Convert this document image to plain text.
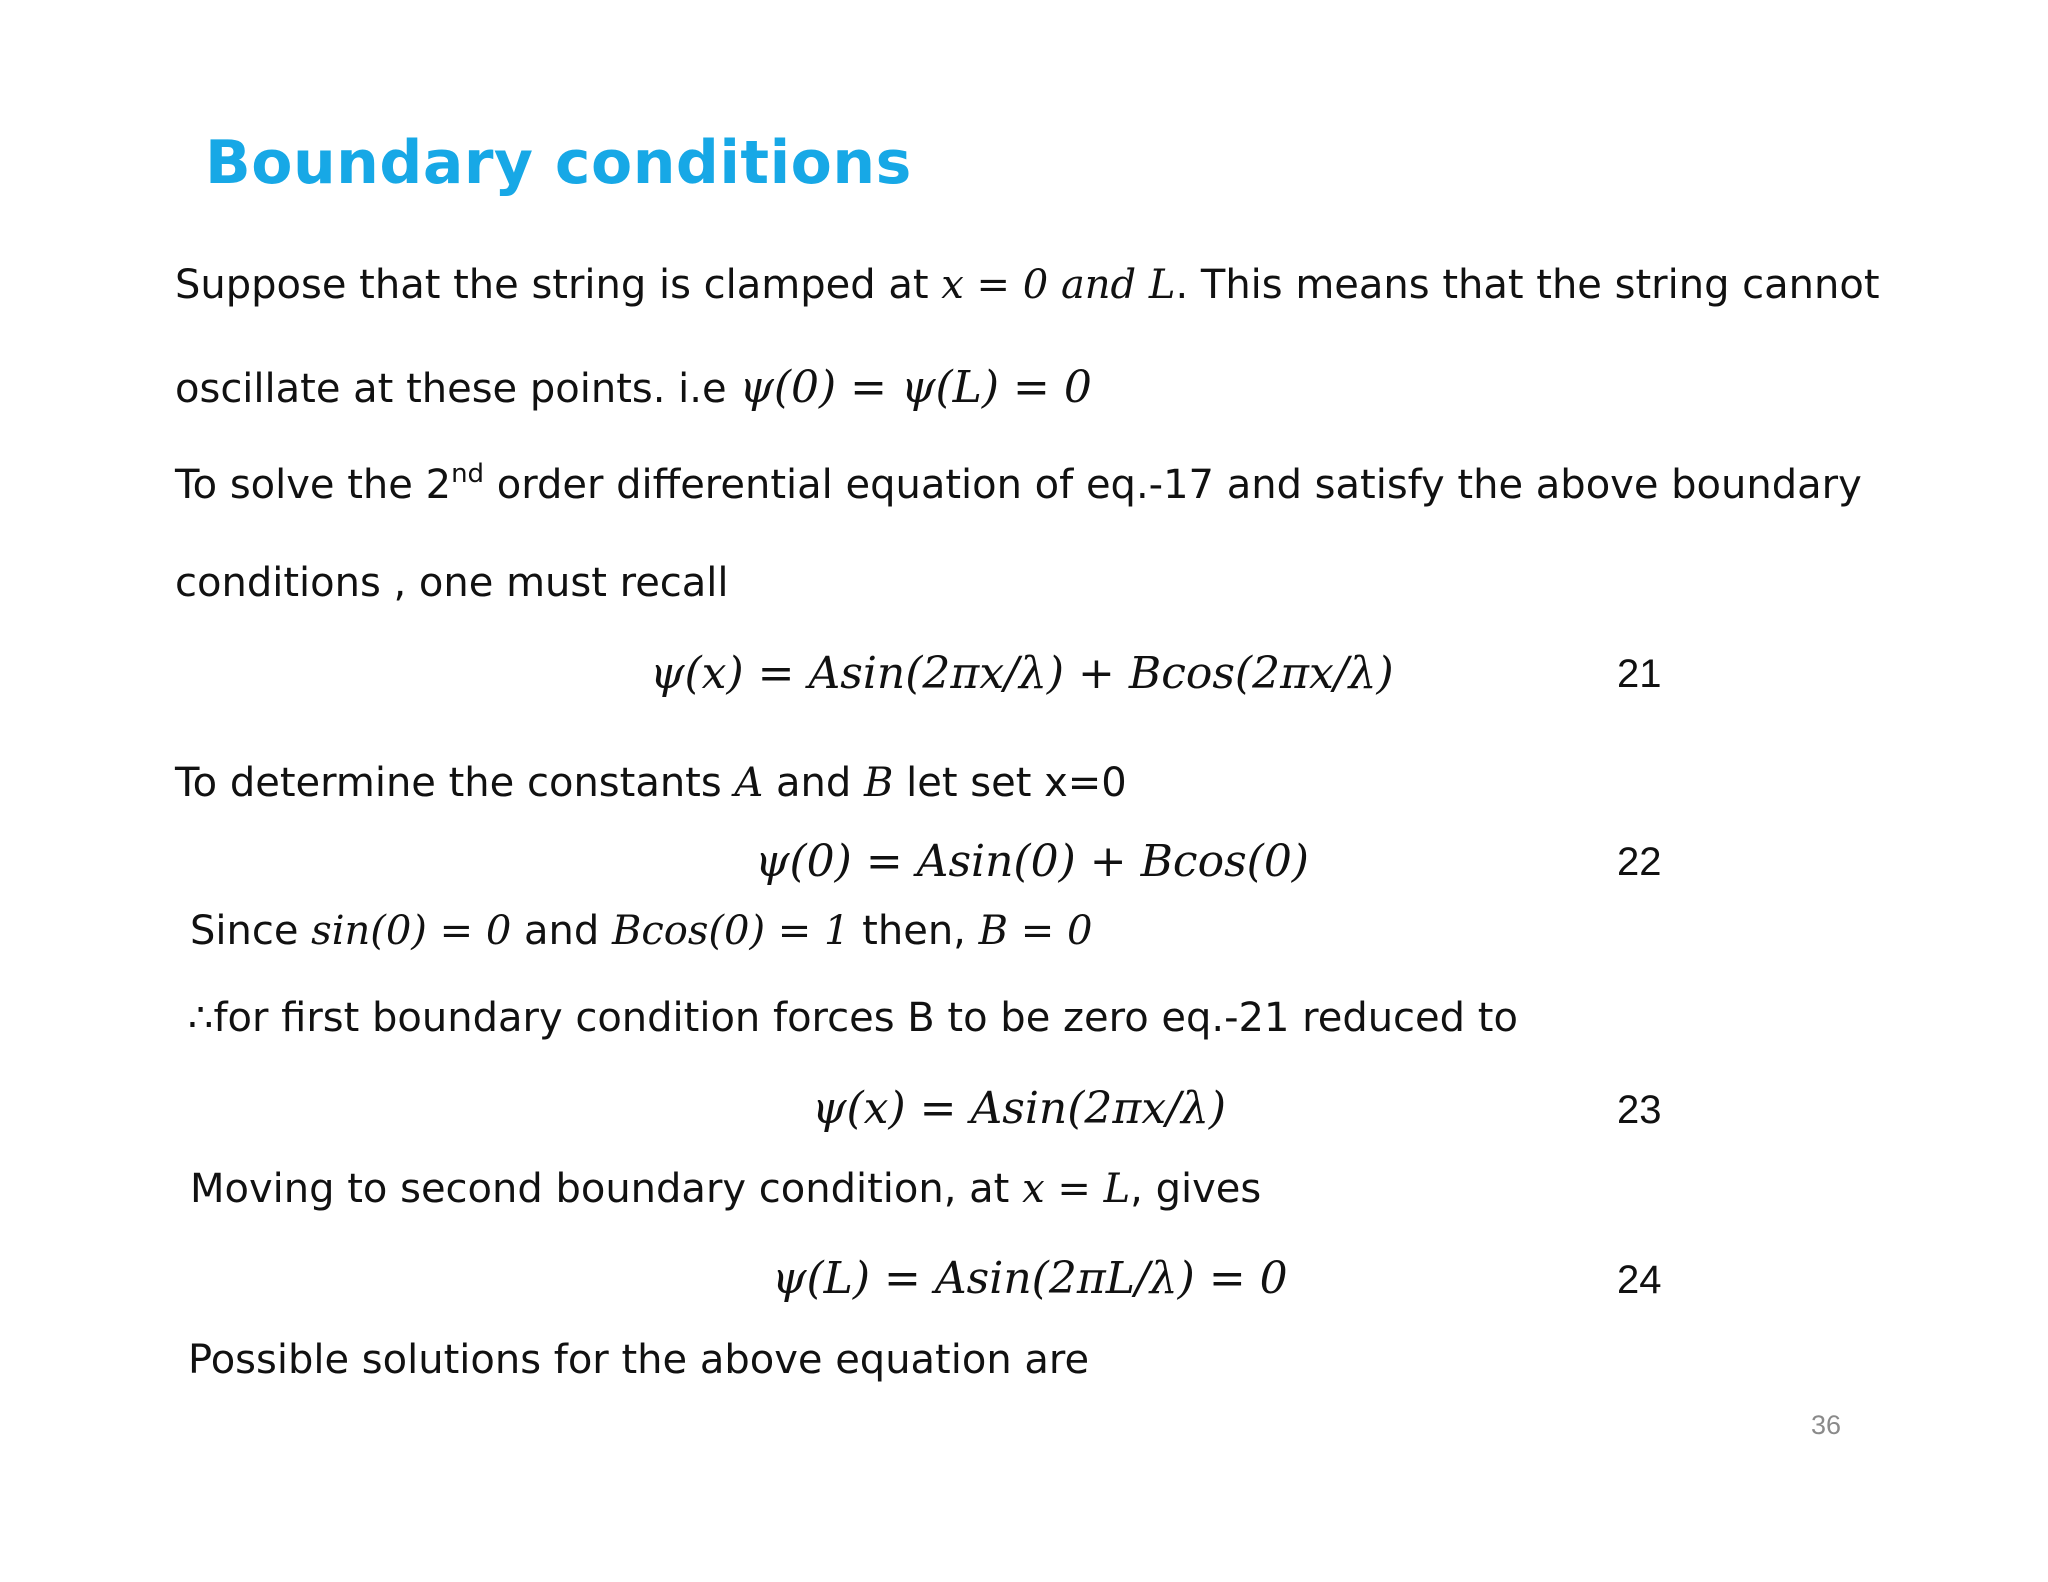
Boundary conditions
Suppose that the string is clamped at x = 0 and L. This means that the string cannot
oscillate at these points. i.e ψ(0) = ψ(L) = 0
To solve the 2nd order differential equation of eq.-17 and satisfy the above boundary
conditions , one must recall
ψ(x) = Asin(2πx/λ) + Bcos(2πx/λ)	21
To determine the constants A and B let set x=0
ψ(0) = Asin(0) + Bcos(0)	22
Since sin(0) = 0 and Bcos(0) = 1 then, B = 0
∴for first boundary condition forces B to be zero eq.-21 reduced to
ψ(x) = Asin(2πx/λ)	23
Moving to second boundary condition, at x = L, gives
ψ(L) = Asin(2πL/λ) = 0	24
Possible solutions for the above equation are
36
